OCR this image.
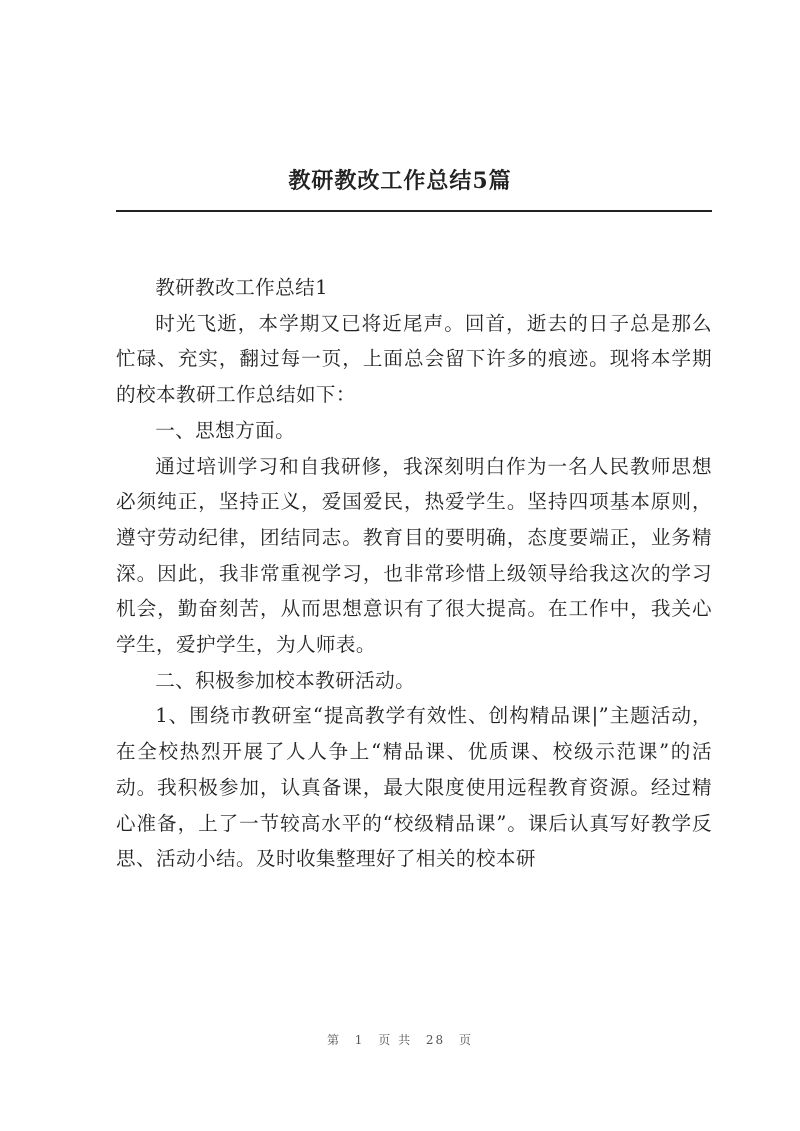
教研教改工作总结5篇

教研教改工作总结1

时光飞逝，本学期又已将近尾声。回首，逝去的日子总是那么忙碌、充实，翻过每一页，上面总会留下许多的痕迹。现将本学期的校本教研工作总结如下：

一、思想方面。

通过培训学习和自我研修，我深刻明白作为一名人民教师思想必须纯正，坚持正义，爱国爱民，热爱学生。坚持四项基本原则，遵守劳动纪律，团结同志。教育目的要明确，态度要端正，业务精深。因此，我非常重视学习，也非常珍惜上级领导给我这次的学习机会，勤奋刻苦，从而思想意识有了很大提高。在工作中，我关心学生，爱护学生，为人师表。

二、积极参加校本教研活动。

1、围绕市教研室“提高教学有效性、创构精品课|”主题活动，在全校热烈开展了人人争上“精品课、优质课、校级示范课”的活动。我积极参加，认真备课，最大限度使用远程教育资源。经过精心准备，上了一节较高水平的“校级精品课”。课后认真写好教学反思、活动小结。及时收集整理好了相关的校本研

第 1 页 共 28 页
